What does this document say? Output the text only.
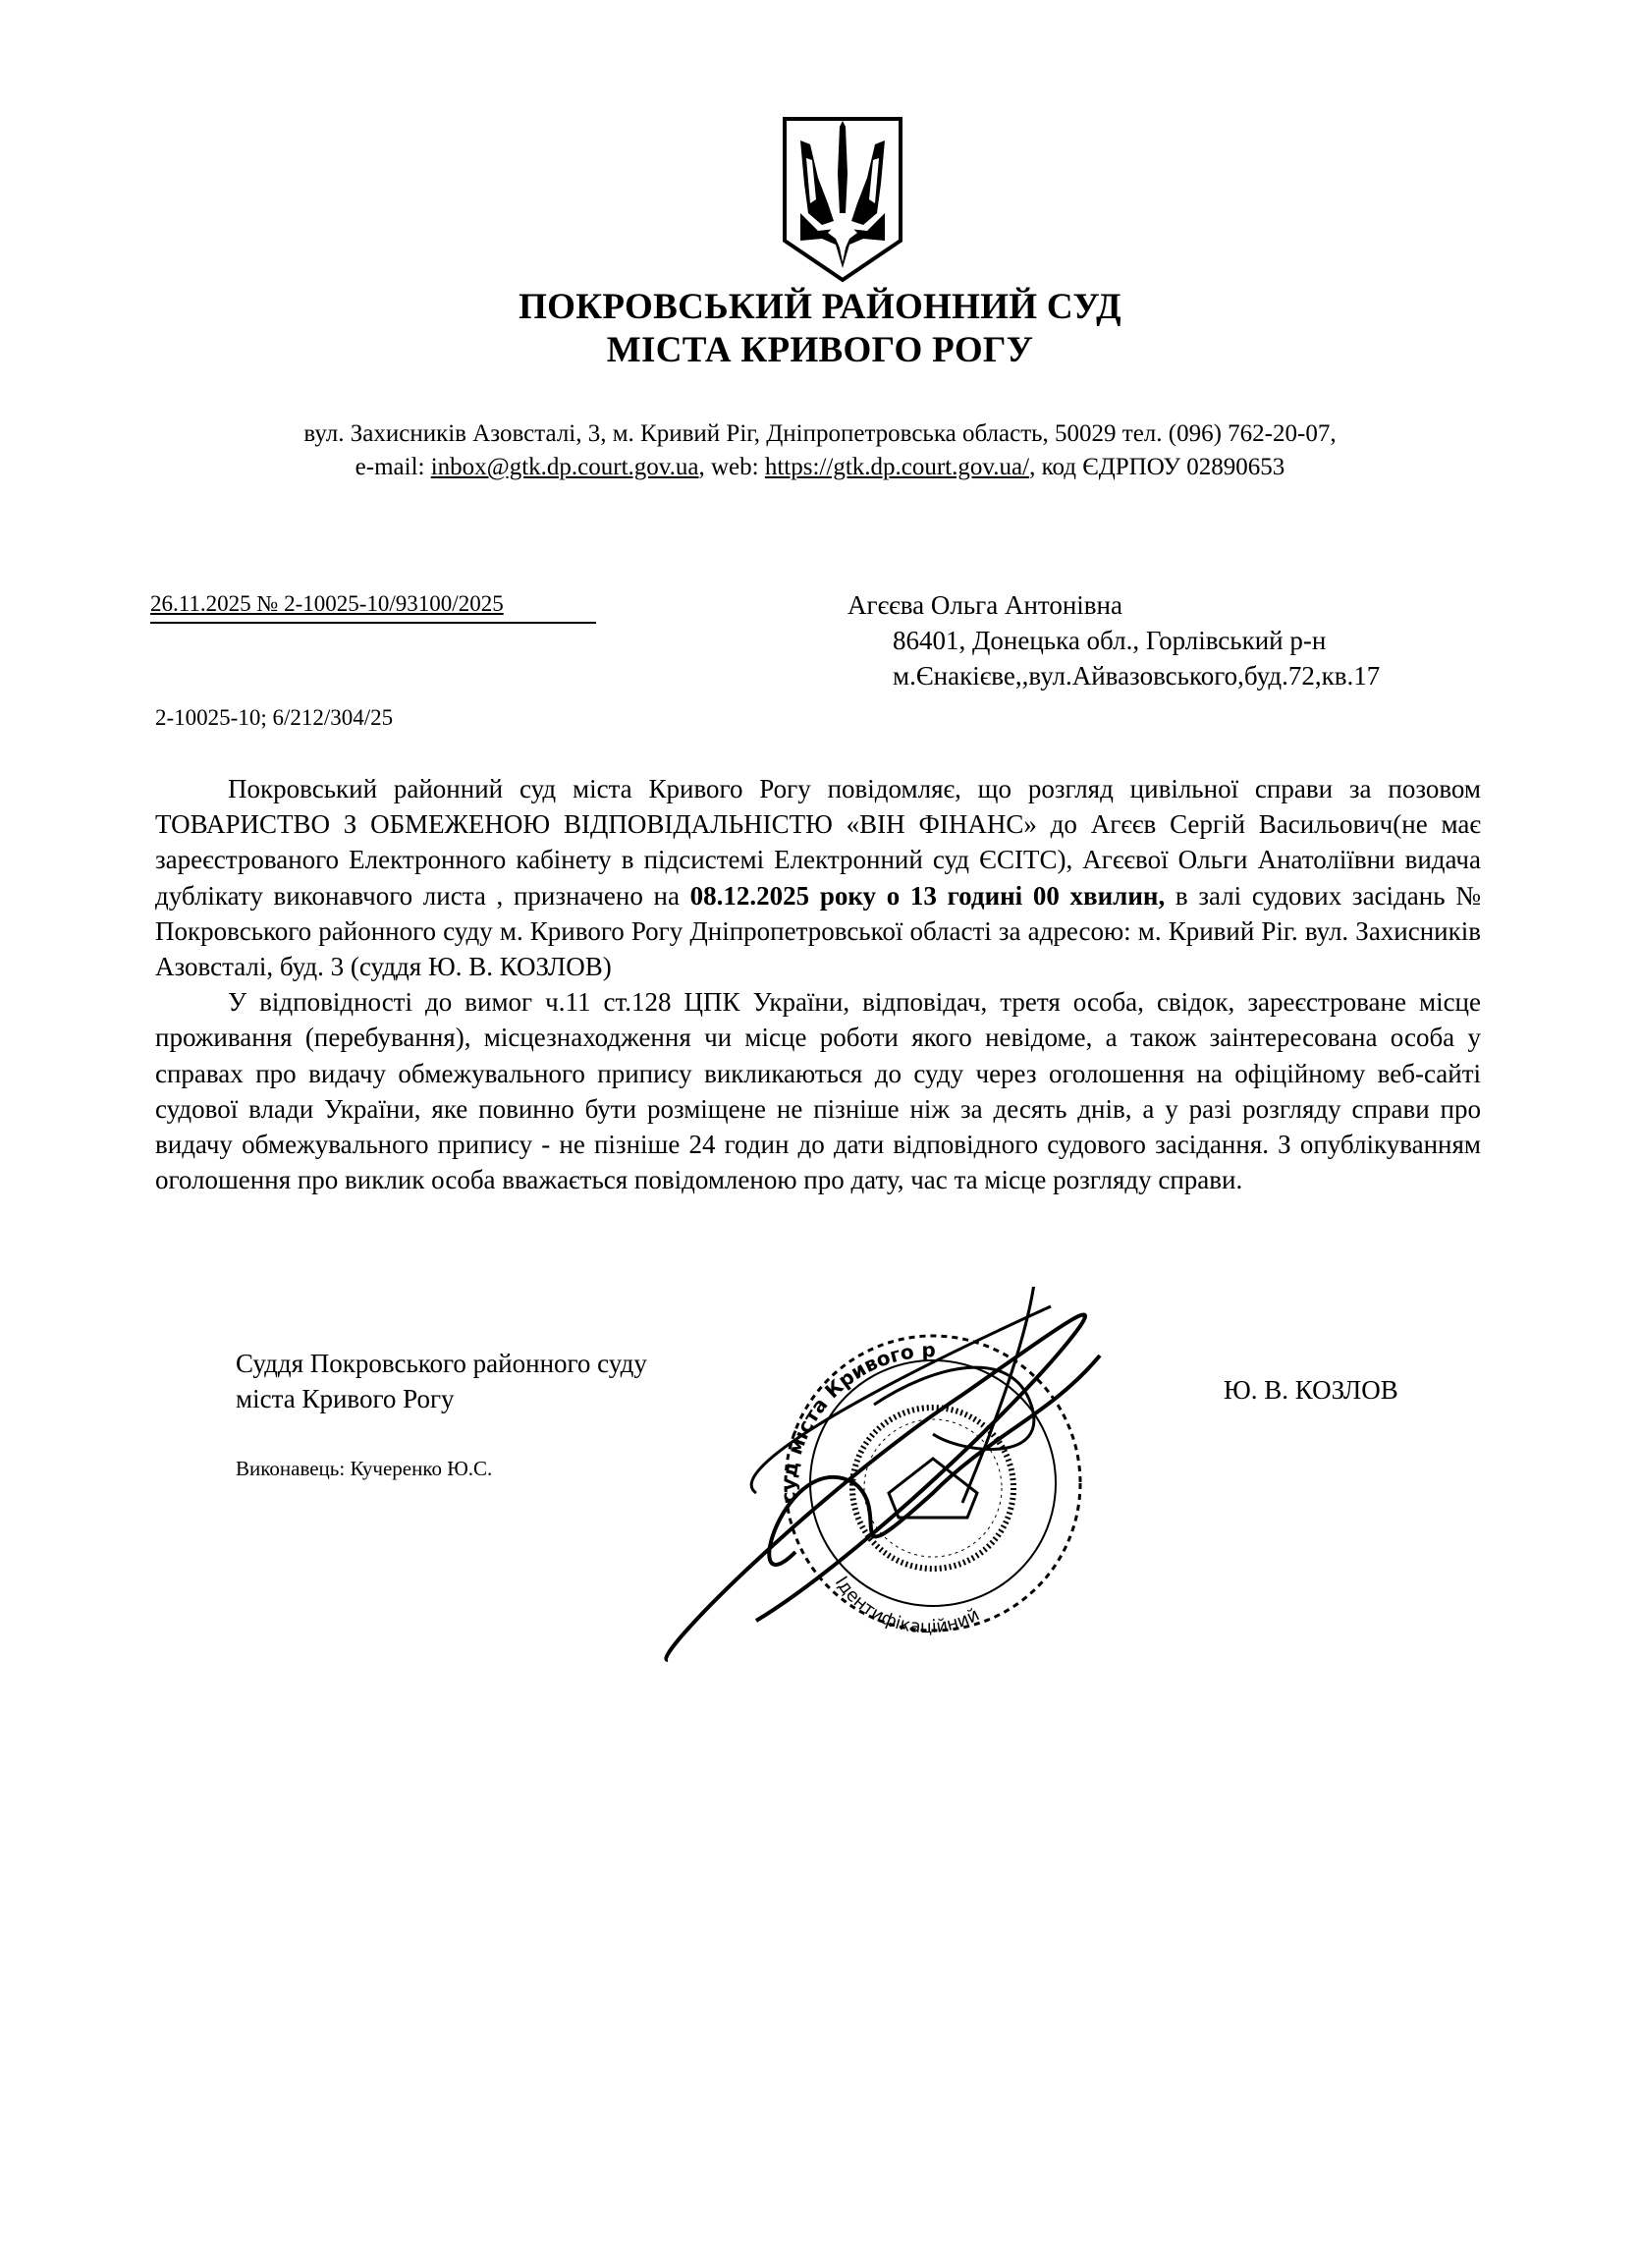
ПОКРОВСЬКИЙ РАЙОННИЙ СУД
МІСТА КРИВОГО РОГУ
вул. Захисників Азовсталі, 3, м. Кривий Ріг, Дніпропетровська область, 50029 тел. (096) 762-20-07,
e-mail: inbox@gtk.dp.court.gov.ua, web: https://gtk.dp.court.gov.ua/, код ЄДРПОУ 02890653
26.11.2025 № 2-10025-10/93100/2025
2-10025-10; 6/212/304/25
Агєєва Ольга Антонівна
86401, Донецька обл., Горлівський р-н
м.Єнакієве,,вул.Айвазовського,буд.72,кв.17

Покровський районний суд міста Кривого Рогу повідомляє, що розгляд цивільної справи за позовом ТОВАРИСТВО З ОБМЕЖЕНОЮ ВІДПОВІДАЛЬНІСТЮ «ВІН ФІНАНС» до Агєєв Сергій Васильович(не має зареєстрованого Електронного кабінету в підсистемі Електронний суд ЄСІТС), Агєєвої Ольги Анатоліївни видача дублікату виконавчого листа , призначено на 08.12.2025 року о 13 годині 00 хвилин, в залі судових засідань № Покровського районного суду м. Кривого Рогу Дніпропетровської області за адресою: м. Кривий Ріг. вул. Захисників Азовсталі, буд. 3 (суддя Ю. В. КОЗЛОВ)

У відповідності до вимог ч.11 ст.128 ЦПК України, відповідач, третя особа, свідок, зареєстроване місце проживання (перебування), місцезнаходження чи місце роботи якого невідоме, а також заінтересована особа у справах про видачу обмежувального припису викликаються до суду через оголошення на офіційному веб-сайті судової влади України, яке повинно бути розміщене не пізніше ніж за десять днів, а у разі розгляду справи про видачу обмежувального припису - не пізніше 24 годин до дати відповідного судового засідання. З опублікуванням оголошення про виклик особа вважається повідомленою про дату, час та місце розгляду справи.

Суддя Покровського районного суду
міста Кривого Рогу
Виконавець: Кучеренко Ю.С.
Ю. В. КОЗЛОВ
суд міста Кривого р
Ідентифікаційний
